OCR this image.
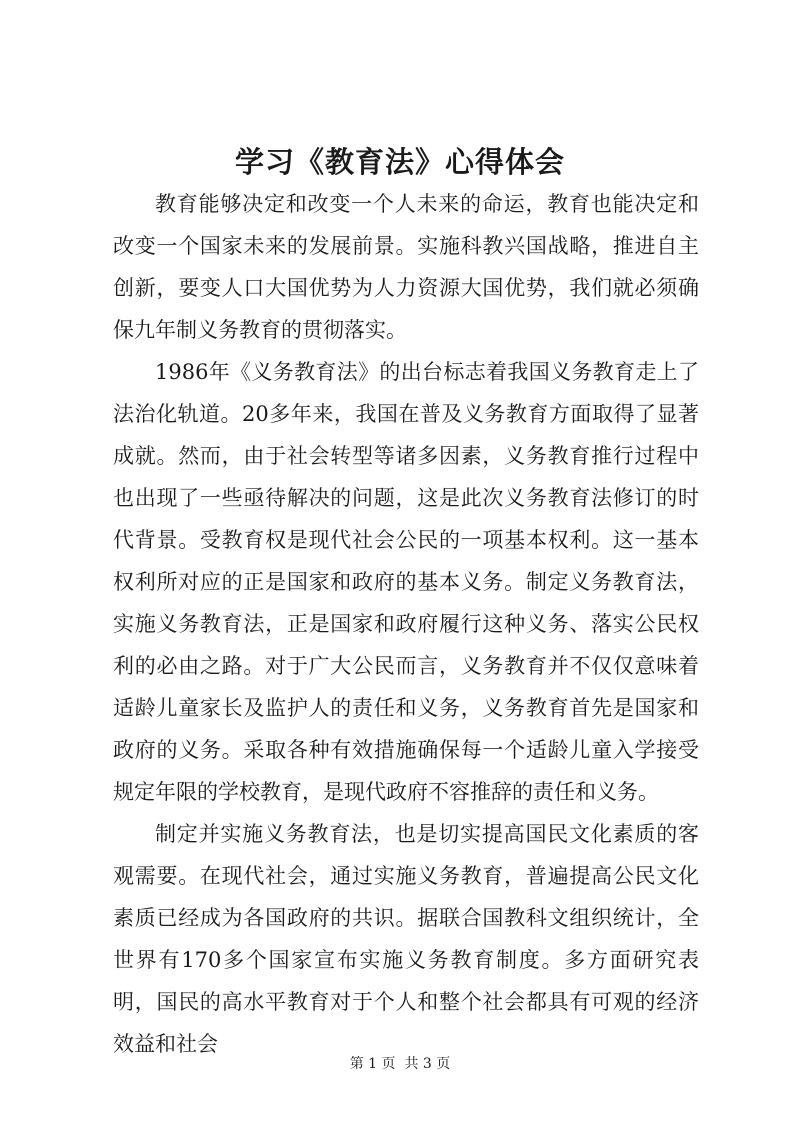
学习《教育法》心得体会

教育能够决定和改变一个人未来的命运，教育也能决定和改变一个国家未来的发展前景。实施科教兴国战略，推进自主创新，要变人口大国优势为人力资源大国优势，我们就必须确保九年制义务教育的贯彻落实。

1986年《义务教育法》的出台标志着我国义务教育走上了法治化轨道。20多年来，我国在普及义务教育方面取得了显著成就。然而，由于社会转型等诸多因素，义务教育推行过程中也出现了一些亟待解决的问题，这是此次义务教育法修订的时代背景。受教育权是现代社会公民的一项基本权利。这一基本权利所对应的正是国家和政府的基本义务。制定义务教育法，实施义务教育法，正是国家和政府履行这种义务、落实公民权利的必由之路。对于广大公民而言，义务教育并不仅仅意味着适龄儿童家长及监护人的责任和义务，义务教育首先是国家和政府的义务。采取各种有效措施确保每一个适龄儿童入学接受规定年限的学校教育，是现代政府不容推辞的责任和义务。

制定并实施义务教育法，也是切实提高国民文化素质的客观需要。在现代社会，通过实施义务教育，普遍提高公民文化素质已经成为各国政府的共识。据联合国教科文组织统计，全世界有170多个国家宣布实施义务教育制度。多方面研究表明，国民的高水平教育对于个人和整个社会都具有可观的经济效益和社会

第 1 页  共 3 页
